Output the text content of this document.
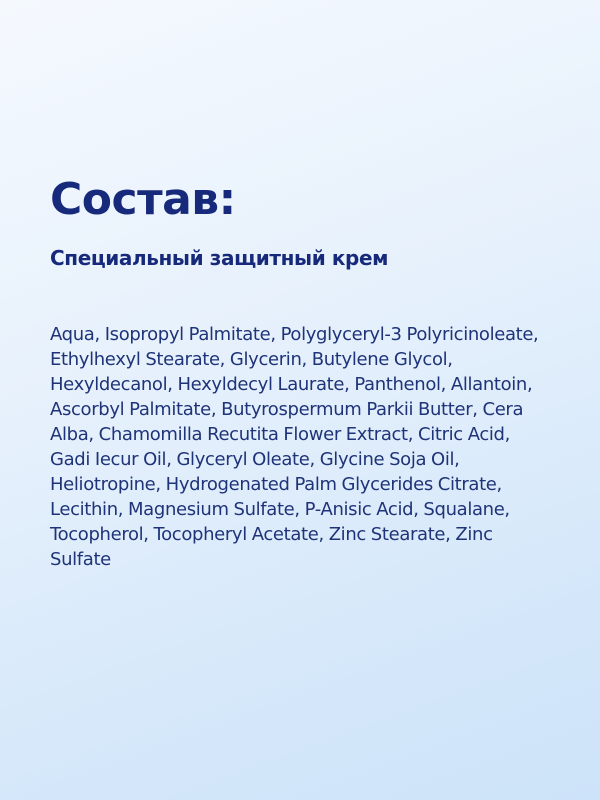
Состав:
Специальный защитный крем

Aqua, Isopropyl Palmitate, Polyglyceryl-3 Polyricinoleate, Ethylhexyl Stearate, Glycerin, Butylene Glycol, Hexyldecanol, Hexyldecyl Laurate, Panthenol, Allantoin, Ascorbyl Palmitate, Butyrospermum Parkii Butter, Cera Alba, Chamomilla Recutita Flower Extract, Citric Acid, Gadi Iecur Oil, Glyceryl Oleate, Glycine Soja Oil, Heliotropine, Hydrogenated Palm Glycerides Citrate, Lecithin, Magnesium Sulfate, P-Anisic Acid, Squalane, Tocopherol, Tocopheryl Acetate, Zinc Stearate, Zinc Sulfate
